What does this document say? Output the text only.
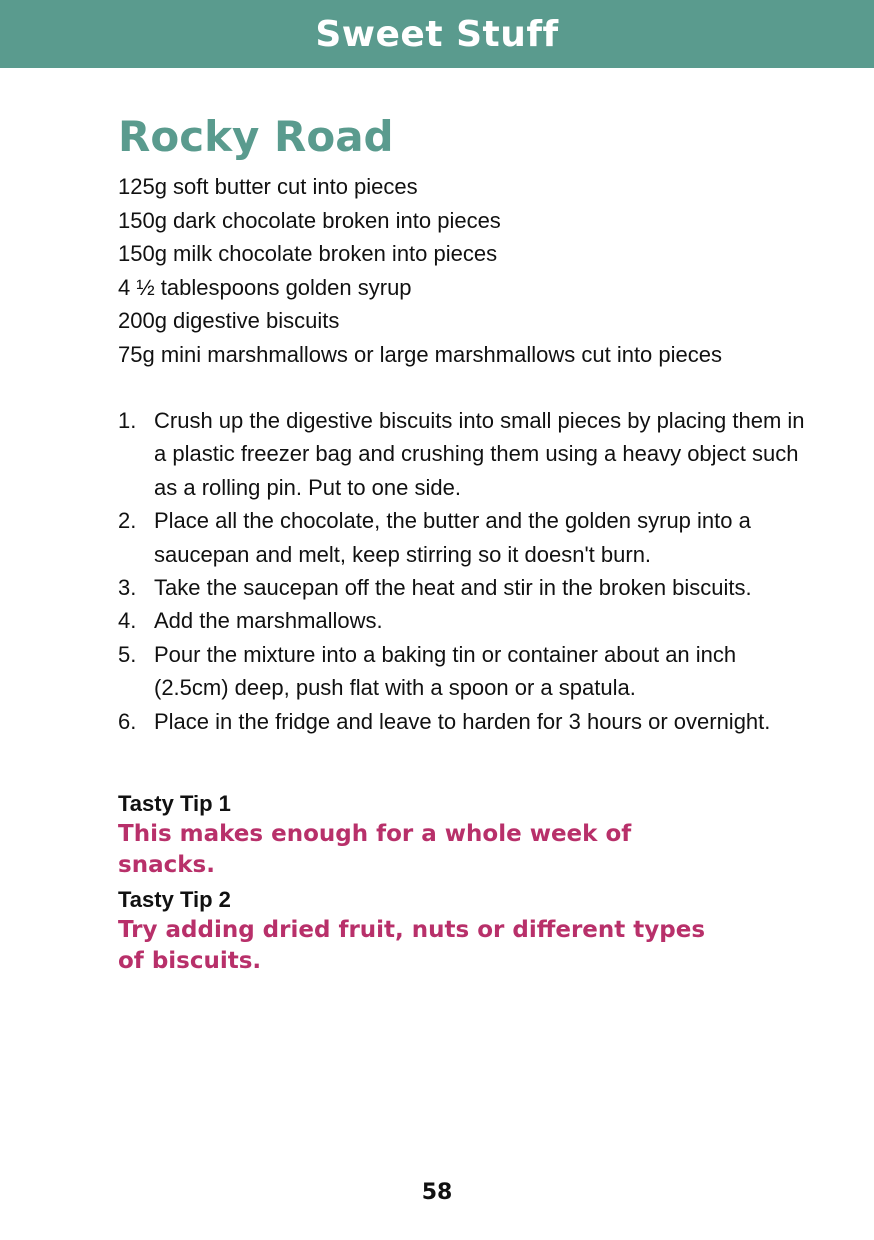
Sweet Stuff
Rocky Road
125g soft butter cut into pieces
150g dark chocolate broken into pieces
150g milk chocolate broken into pieces
4 ½ tablespoons golden syrup
200g digestive biscuits
75g mini marshmallows or large marshmallows cut into pieces
1. Crush up the digestive biscuits into small pieces by placing them in a plastic freezer bag and crushing them using a heavy object such as a rolling pin. Put to one side.
2. Place all the chocolate, the butter and the golden syrup into a saucepan and melt, keep stirring so it doesn't burn.
3. Take the saucepan off the heat and stir in the broken biscuits.
4. Add the marshmallows.
5. Pour the mixture into a baking tin or container about an inch (2.5cm) deep, push flat with a spoon or a spatula.
6. Place in the fridge and leave to harden for 3 hours or overnight.
Tasty Tip 1
This makes enough for a whole week of snacks.
Tasty Tip 2
Try adding dried fruit, nuts or different types
of biscuits.
58
